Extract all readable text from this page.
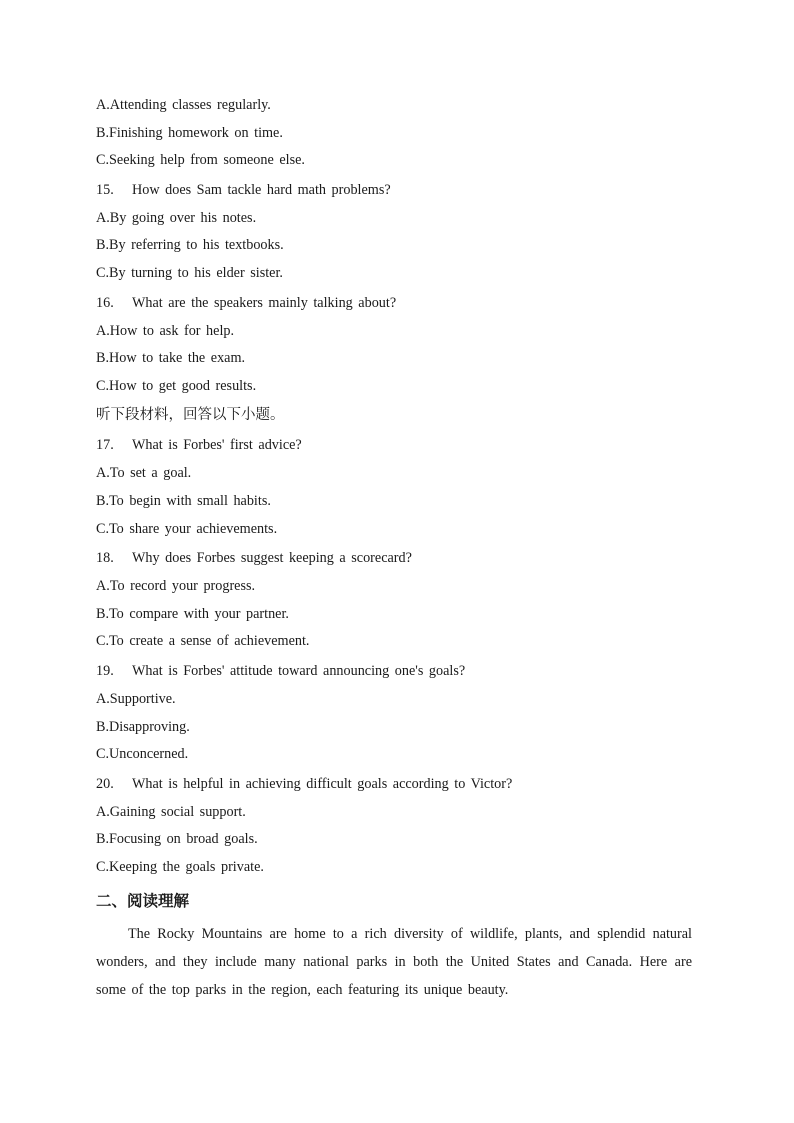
A.Attending classes regularly.
B.Finishing homework on time.
C.Seeking help from someone else.
15. How does Sam tackle hard math problems?
A.By going over his notes.
B.By referring to his textbooks.
C.By turning to his elder sister.
16. What are the speakers mainly talking about?
A.How to ask for help.
B.How to take the exam.
C.How to get good results.
听下段材料，回答以下小题。
17. What is Forbes' first advice?
A.To set a goal.
B.To begin with small habits.
C.To share your achievements.
18. Why does Forbes suggest keeping a scorecard?
A.To record your progress.
B.To compare with your partner.
C.To create a sense of achievement.
19. What is Forbes' attitude toward announcing one's goals?
A.Supportive.
B.Disapproving.
C.Unconcerned.
20. What is helpful in achieving difficult goals according to Victor?
A.Gaining social support.
B.Focusing on broad goals.
C.Keeping the goals private.
二、阅读理解
The Rocky Mountains are home to a rich diversity of wildlife, plants, and splendid natural wonders, and they include many national parks in both the United States and Canada. Here are some of the top parks in the region, each featuring its unique beauty.
